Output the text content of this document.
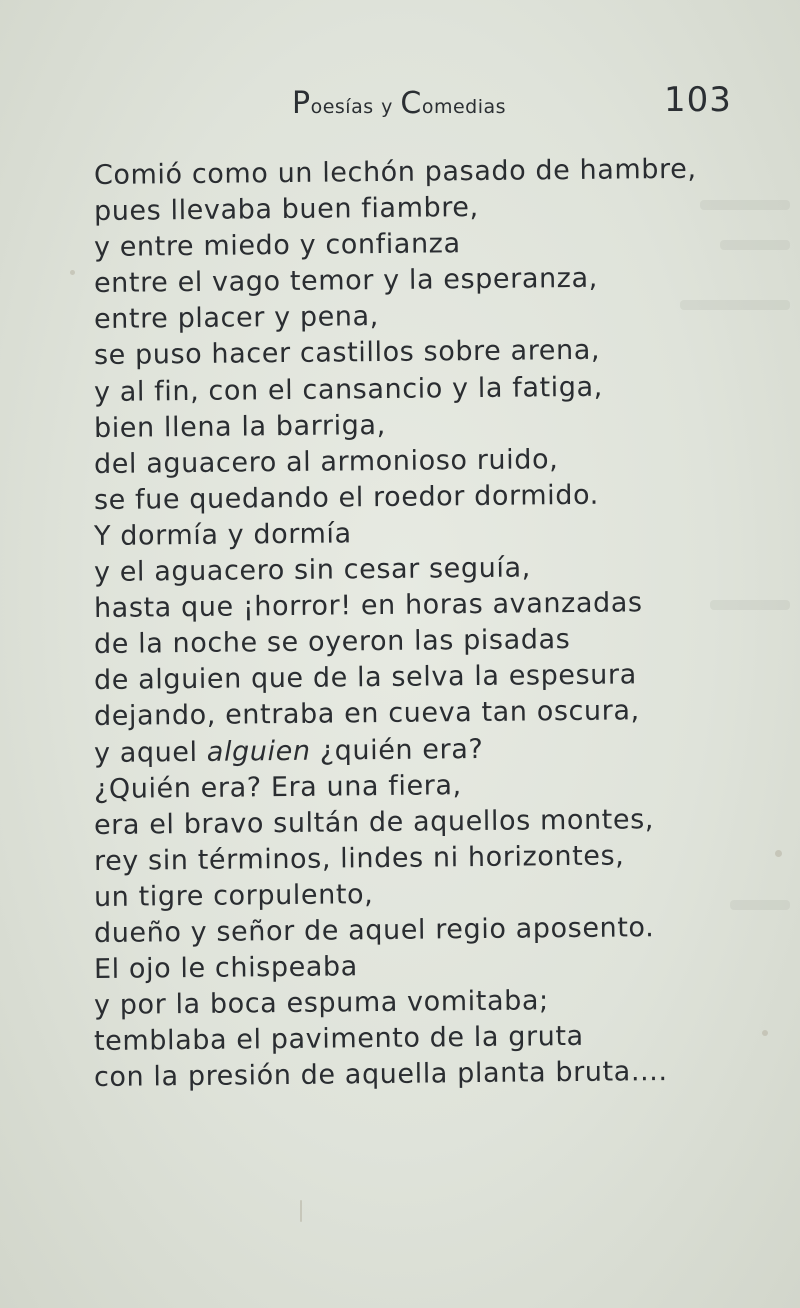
Poesías y Comedias	103
Comió como un lechón pasado de hambre,
pues llevaba buen fiambre,
y entre miedo y confianza
entre el vago temor y la esperanza,
entre placer y pena,
se puso hacer castillos sobre arena,
y al fin, con el cansancio y la fatiga,
bien llena la barriga,
del aguacero al armonioso ruido,
se fue quedando el roedor dormido.
Y dormía y dormía
y el aguacero sin cesar seguía,
hasta que ¡horror! en horas avanzadas
de la noche se oyeron las pisadas
de alguien que de la selva la espesura
dejando, entraba en cueva tan oscura,
y aquel alguien ¿quién era?
¿Quién era? Era una fiera,
era el bravo sultán de aquellos montes,
rey sin términos, lindes ni horizontes,
un tigre corpulento,
dueño y señor de aquel regio aposento.
El ojo le chispeaba
y por la boca espuma vomitaba;
temblaba el pavimento de la gruta
con la presión de aquella planta bruta....
